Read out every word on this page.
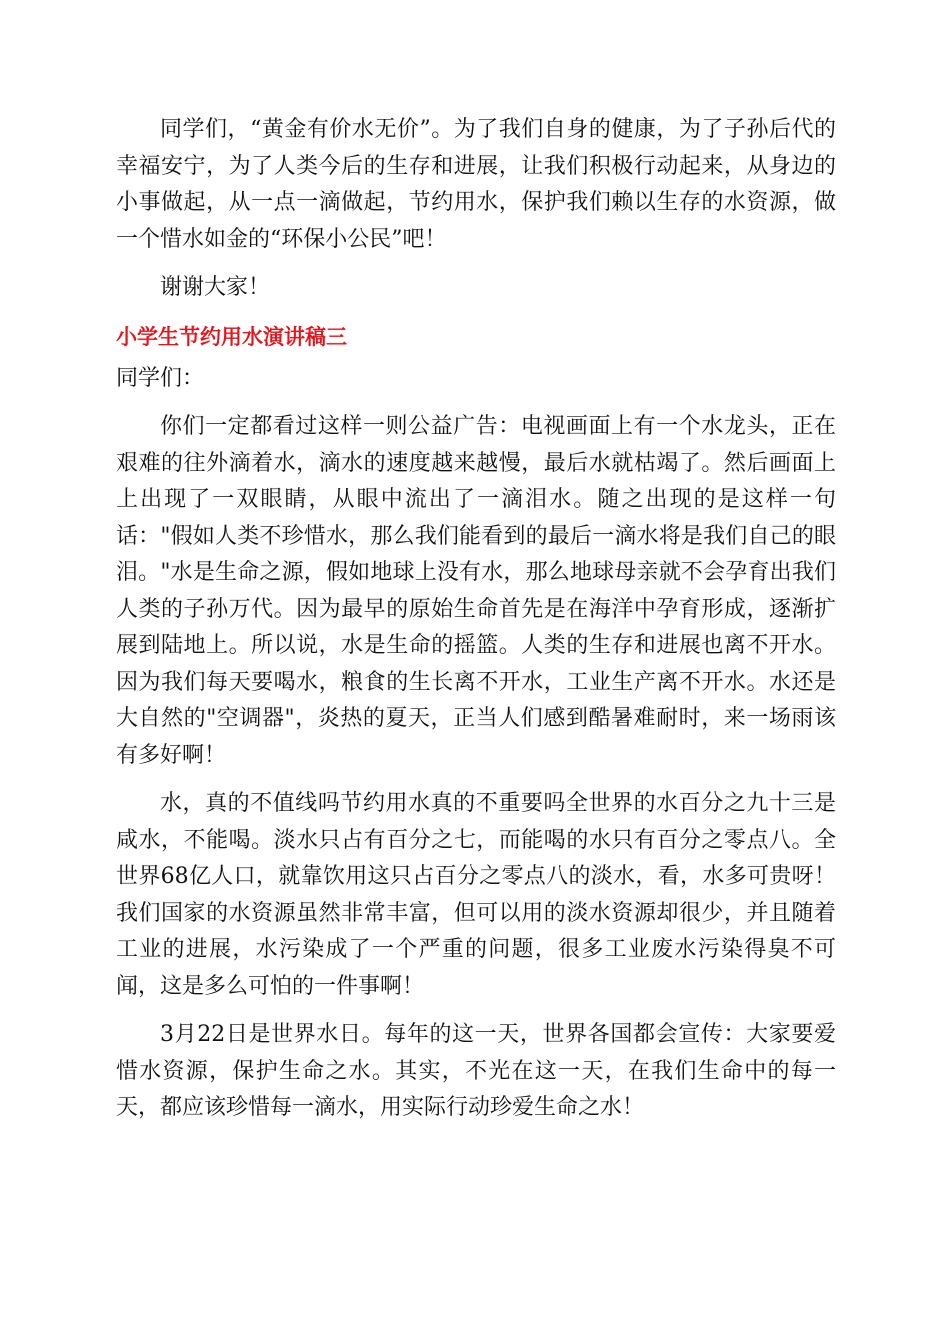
同学们，“黄金有价水无价”。为了我们自身的健康，为了子孙后代的幸福安宁，为了人类今后的生存和进展，让我们积极行动起来，从身边的小事做起，从一点一滴做起，节约用水，保护我们赖以生存的水资源，做一个惜水如金的“环保小公民”吧！

谢谢大家！

小学生节约用水演讲稿三

同学们：

你们一定都看过这样一则公益广告：电视画面上有一个水龙头，正在艰难的往外滴着水，滴水的速度越来越慢，最后水就枯竭了。然后画面上上出现了一双眼睛，从眼中流出了一滴泪水。随之出现的是这样一句话："假如人类不珍惜水，那么我们能看到的最后一滴水将是我们自己的眼泪。"水是生命之源，假如地球上没有水，那么地球母亲就不会孕育出我们人类的子孙万代。因为最早的原始生命首先是在海洋中孕育形成，逐渐扩展到陆地上。所以说，水是生命的摇篮。人类的生存和进展也离不开水。因为我们每天要喝水，粮食的生长离不开水，工业生产离不开水。水还是大自然的"空调器"，炎热的夏天，正当人们感到酷暑难耐时，来一场雨该有多好啊！

水，真的不值线吗节约用水真的不重要吗全世界的水百分之九十三是咸水，不能喝。淡水只占有百分之七，而能喝的水只有百分之零点八。全世界68亿人口，就靠饮用这只占百分之零点八的淡水，看，水多可贵呀！我们国家的水资源虽然非常丰富，但可以用的淡水资源却很少，并且随着工业的进展，水污染成了一个严重的问题，很多工业废水污染得臭不可闻，这是多么可怕的一件事啊！

3月22日是世界水日。每年的这一天，世界各国都会宣传：大家要爱惜水资源，保护生命之水。其实，不光在这一天，在我们生命中的每一天，都应该珍惜每一滴水，用实际行动珍爱生命之水！
